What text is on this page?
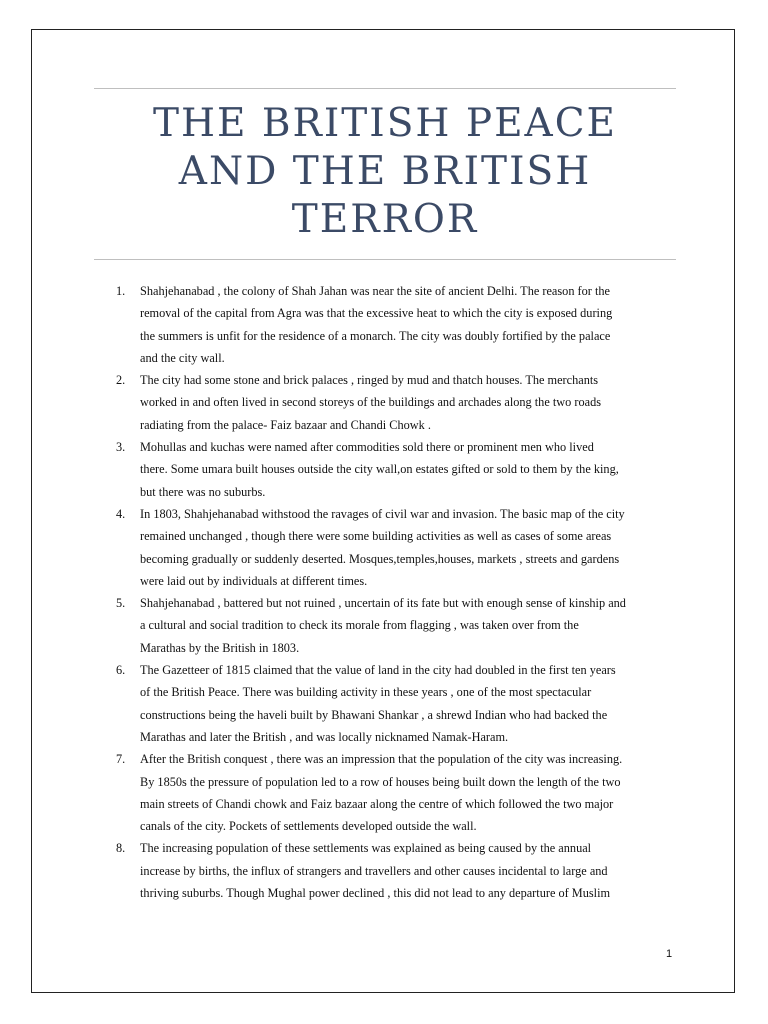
THE BRITISH PEACE
AND THE BRITISH
TERROR
1. Shahjehanabad , the colony of Shah Jahan was near the site of ancient Delhi. The reason for the
removal of the capital from Agra was that the excessive heat to which the city is exposed during
the summers is unfit for the residence of a monarch. The city was doubly fortified by the palace
and the city wall.
2. The city had some stone and brick palaces , ringed by mud and thatch houses. The merchants
worked in and often lived in second storeys of the buildings and archades along the two roads
radiating from the palace- Faiz bazaar and Chandi Chowk .
3. Mohullas and kuchas were named after commodities sold there or prominent men who lived
there. Some umara built houses outside the city wall,on estates gifted or sold to them by the king,
but there was no suburbs.
4. In 1803, Shahjehanabad withstood the ravages of civil war and invasion. The basic map of the city
remained unchanged , though there were some building activities as well as cases of some areas
becoming gradually or suddenly deserted. Mosques,temples,houses, markets , streets and gardens
were laid out by individuals at different times.
5. Shahjehanabad , battered but not ruined , uncertain of its fate but with enough sense of kinship and
a cultural and social tradition to check its morale from flagging , was taken over from the
Marathas by the British in 1803.
6. The Gazetteer of 1815 claimed that the value of land in the city had doubled in the first ten years
of the British Peace. There was building activity in these years , one of the most spectacular
constructions being the haveli built by Bhawani Shankar , a shrewd Indian who had backed the
Marathas and later the British , and was locally nicknamed Namak-Haram.
7. After the British conquest , there was an impression that the population of the city was increasing.
By 1850s the pressure of population led to a row of houses being built down the length of the two
main streets of Chandi chowk and Faiz bazaar along the centre of which followed the two major
canals of the city. Pockets of settlements developed outside the wall.
8. The increasing population of these settlements was explained as being caused by the annual
increase by births, the influx of strangers and travellers and other causes incidental to large and
thriving suburbs. Though Mughal power declined , this did not lead to any departure of Muslim
1
